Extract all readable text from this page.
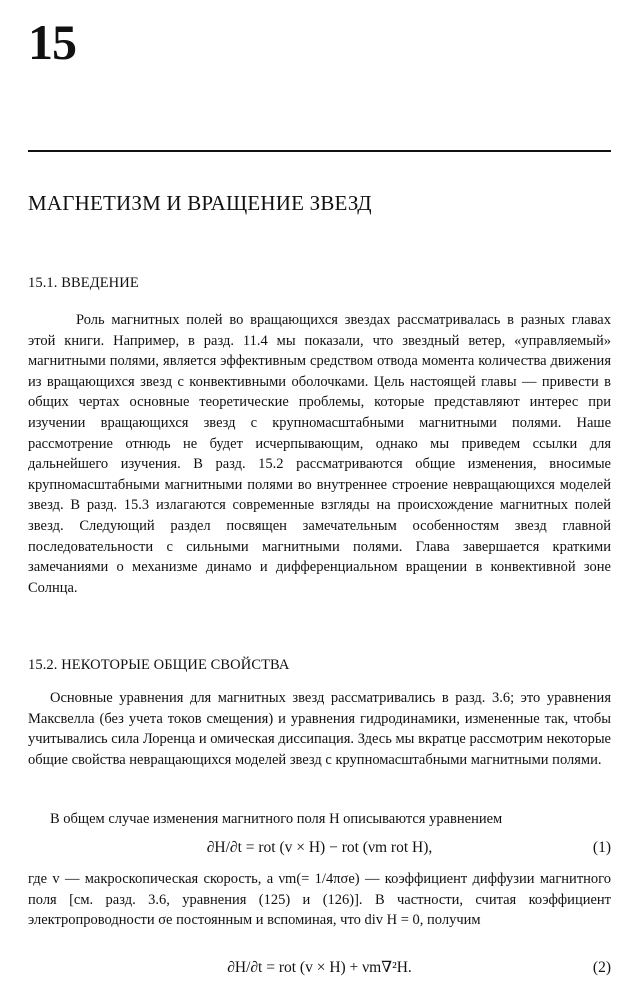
15
МАГНЕТИЗМ И ВРАЩЕНИЕ ЗВЕЗД
15.1. ВВЕДЕНИЕ

Роль магнитных полей во вращающихся звездах рассматривалась в разных главах этой книги. Например, в разд. 11.4 мы показали, что звездный ветер, «управляемый» магнитными полями, является эффективным средством отвода момента количества движения из вращающихся звезд с конвективными оболочками. Цель настоящей главы — привести в общих чертах основные теоретические проблемы, которые представляют интерес при изучении вращающихся звезд с крупномасштабными магнитными полями. Наше рассмотрение отнюдь не будет исчерпывающим, однако мы приведем ссылки для дальнейшего изучения. В разд. 15.2 рассматриваются общие изменения, вносимые крупномасштабными магнитными полями во внутреннее строение невращающихся моделей звезд. В разд. 15.3 излагаются современные взгляды на происхождение магнитных полей звезд. Следующий раздел посвящен замечательным особенностям звезд главной последовательности с сильными магнитными полями. Глава завершается краткими замечаниями о механизме динамо и дифференциальном вращении в конвективной зоне Солнца.

15.2. НЕКОТОРЫЕ ОБЩИЕ СВОЙСТВА

Основные уравнения для магнитных звезд рассматривались в разд. 3.6; это уравнения Максвелла (без учета токов смещения) и уравнения гидродинамики, измененные так, чтобы учитывались сила Лоренца и омическая диссипация. Здесь мы вкратце рассмотрим некоторые общие свойства невращающихся моделей звезд с крупномасштабными магнитными полями.

В общем случае изменения магнитного поля H описываются уравнением

∂H/∂t = rot (v × H) − rot (νm rot H),	(1)

где v — макроскопическая скорость, а νm(= 1/4πσe) — коэффициент диффузии магнитного поля [см. разд. 3.6, уравнения (125) и (126)]. В частности, считая коэффициент электропроводности σe постоянным и вспоминая, что div H = 0, получим

∂H/∂t = rot (v × H) + νm∇²H.	(2)
